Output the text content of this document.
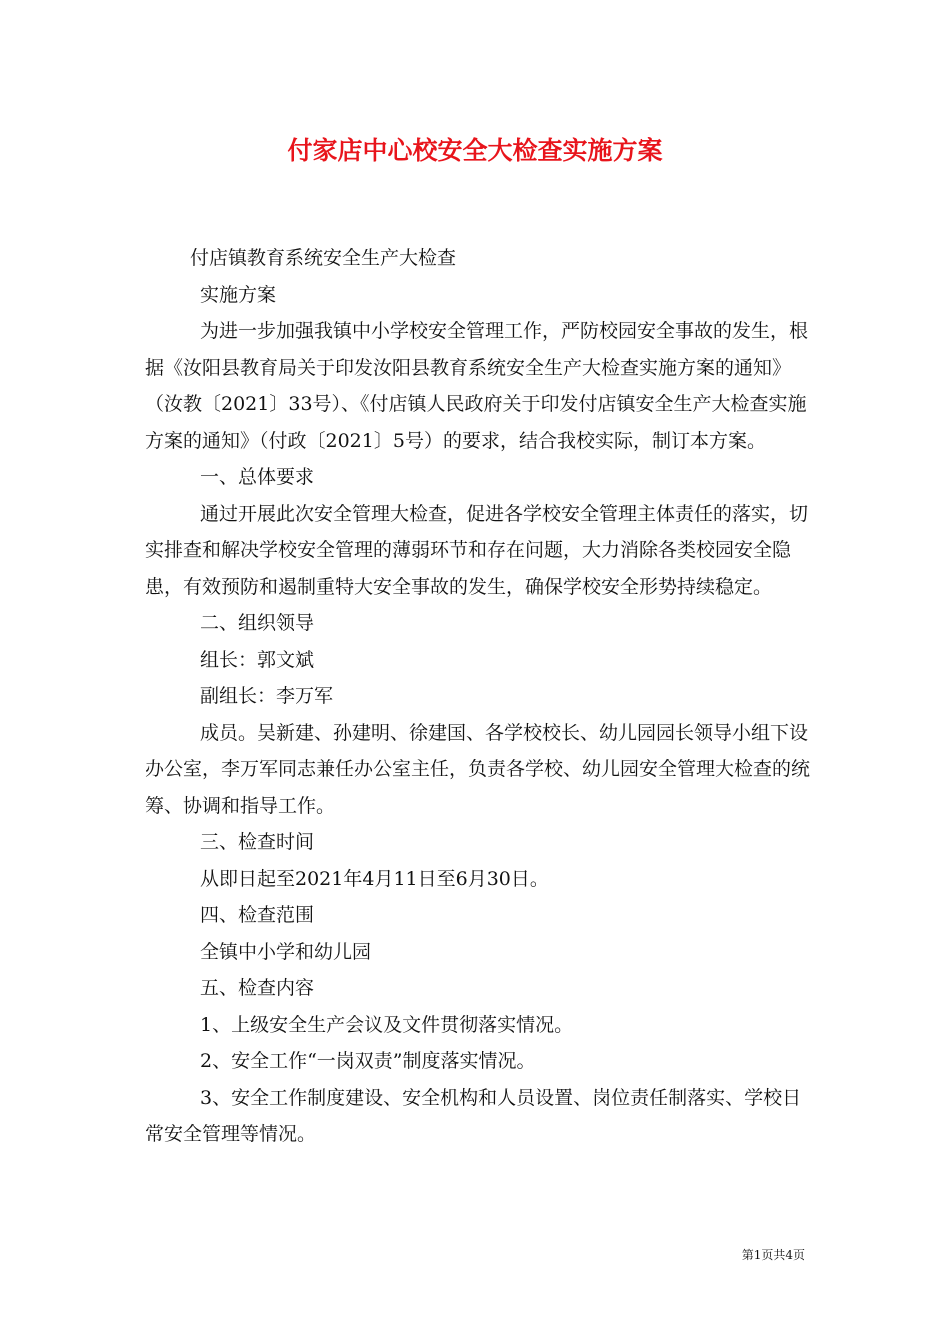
付家店中心校安全大检查实施方案

付店镇教育系统安全生产大检查

实施方案

为进一步加强我镇中小学校安全管理工作，严防校园安全事故的发生，根据《汝阳县教育局关于印发汝阳县教育系统安全生产大检查实施方案的通知》（汝教〔2021〕33号）、《付店镇人民政府关于印发付店镇安全生产大检查实施方案的通知》（付政〔2021〕5号）的要求，结合我校实际，制订本方案。

一、总体要求

通过开展此次安全管理大检查，促进各学校安全管理主体责任的落实，切实排查和解决学校安全管理的薄弱环节和存在问题，大力消除各类校园安全隐患，有效预防和遏制重特大安全事故的发生，确保学校安全形势持续稳定。

二、组织领导

组长：郭文斌

副组长：李万军

成员。吴新建、孙建明、徐建国、各学校校长、幼儿园园长领导小组下设办公室，李万军同志兼任办公室主任，负责各学校、幼儿园安全管理大检查的统筹、协调和指导工作。

三、检查时间

从即日起至2021年4月11日至6月30日。

四、检查范围

全镇中小学和幼儿园

五、检查内容

1、上级安全生产会议及文件贯彻落实情况。

2、安全工作“一岗双责”制度落实情况。

3、安全工作制度建设、安全机构和人员设置、岗位责任制落实、学校日常安全管理等情况。

第1页共4页
